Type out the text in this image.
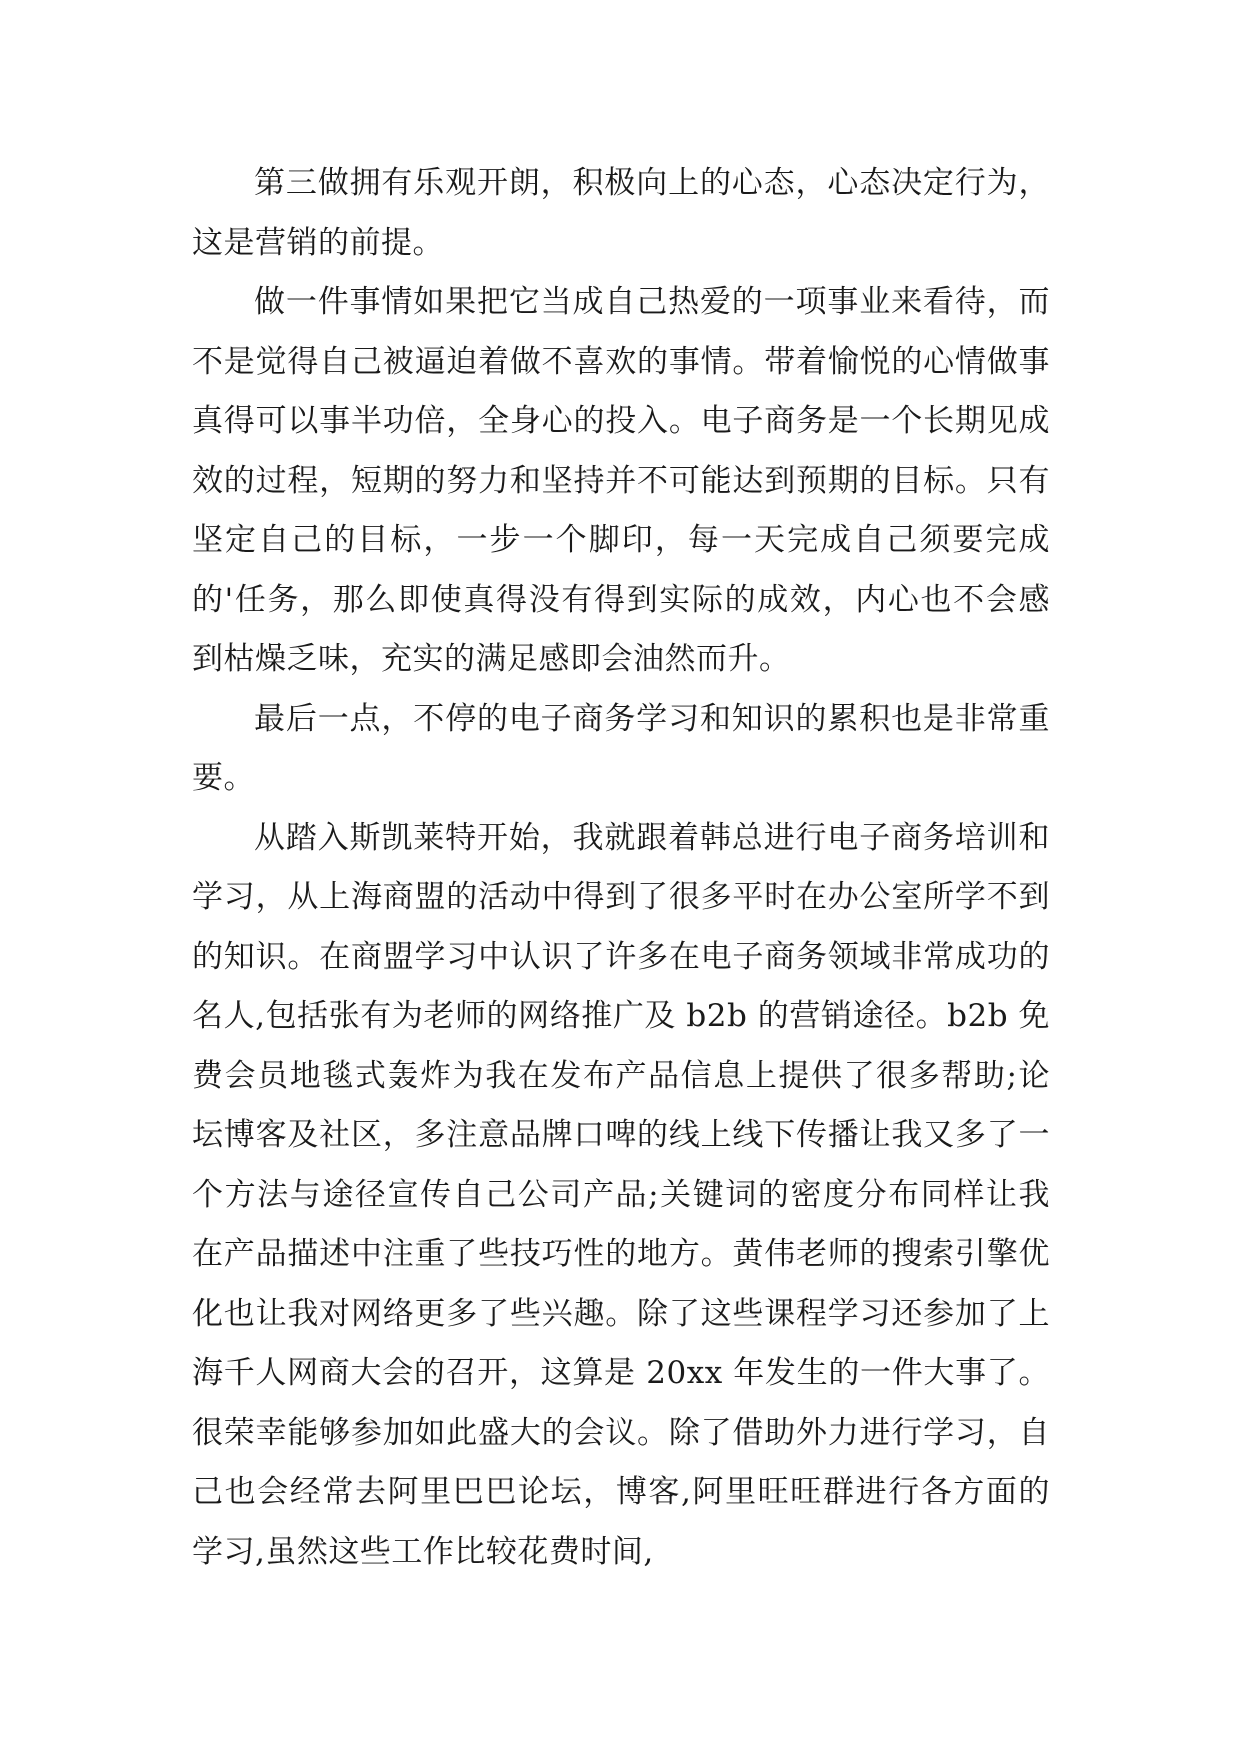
第三做拥有乐观开朗，积极向上的心态，心态决定行为，这是营销的前提。

做一件事情如果把它当成自己热爱的一项事业来看待，而不是觉得自己被逼迫着做不喜欢的事情。带着愉悦的心情做事真得可以事半功倍，全身心的投入。电子商务是一个长期见成效的过程，短期的努力和坚持并不可能达到预期的目标。只有坚定自己的目标，一步一个脚印，每一天完成自己须要完成的'任务，那么即使真得没有得到实际的成效，内心也不会感到枯燥乏味，充实的满足感即会油然而升。

最后一点，不停的电子商务学习和知识的累积也是非常重要。

从踏入斯凯莱特开始，我就跟着韩总进行电子商务培训和学习，从上海商盟的活动中得到了很多平时在办公室所学不到的知识。在商盟学习中认识了许多在电子商务领域非常成功的名人,包括张有为老师的网络推广及 b2b 的营销途径。b2b 免费会员地毯式轰炸为我在发布产品信息上提供了很多帮助;论坛博客及社区，多注意品牌口啤的线上线下传播让我又多了一个方法与途径宣传自己公司产品;关键词的密度分布同样让我在产品描述中注重了些技巧性的地方。黄伟老师的搜索引擎优化也让我对网络更多了些兴趣。除了这些课程学习还参加了上海千人网商大会的召开，这算是 20xx 年发生的一件大事了。很荣幸能够参加如此盛大的会议。除了借助外力进行学习，自己也会经常去阿里巴巴论坛，博客,阿里旺旺群进行各方面的学习,虽然这些工作比较花费时间,
